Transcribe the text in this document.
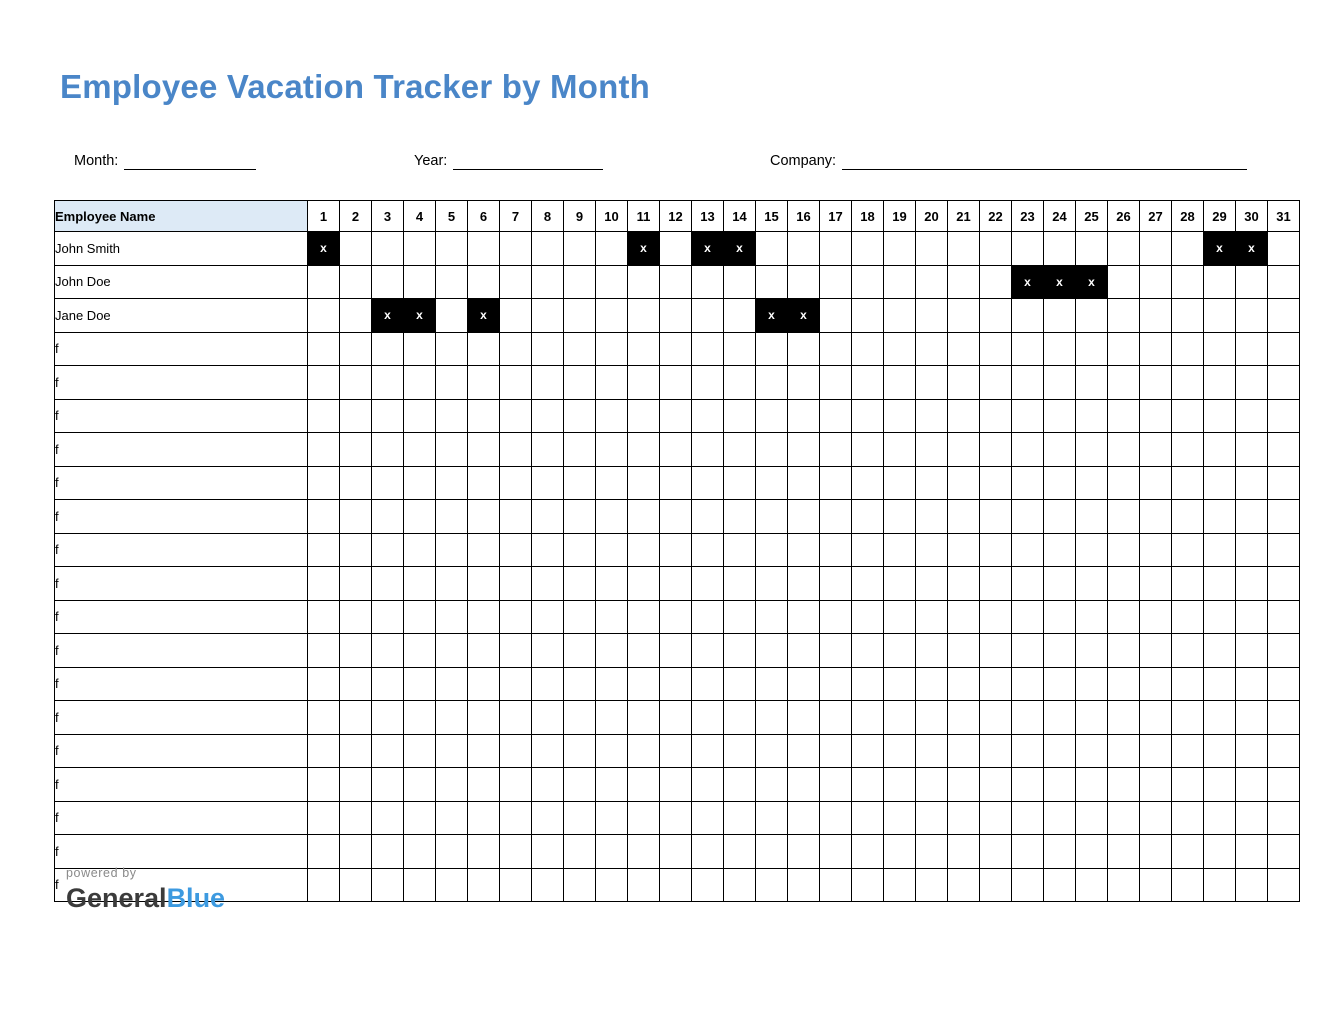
Employee Vacation Tracker by Month
Month:	Year:	Company:
Employee Name	1	2	3	4	5	6	7	8	9	10	11	12	13	14	15	16	17	18	19	20	21	22	23	24	25	26	27	28	29	30	31
John Smith	x										x		x	x															x	x	
John Doe																							x	x	x						
Jane Doe			x	x		x									x	x															
f																															
f																															
f																															
f																															
f																															
f																															
f																															
f																															
f																															
f																															
f																															
f																															
f																															
f																															
f																															
f																															
f																															
powered by
GeneralBlue
